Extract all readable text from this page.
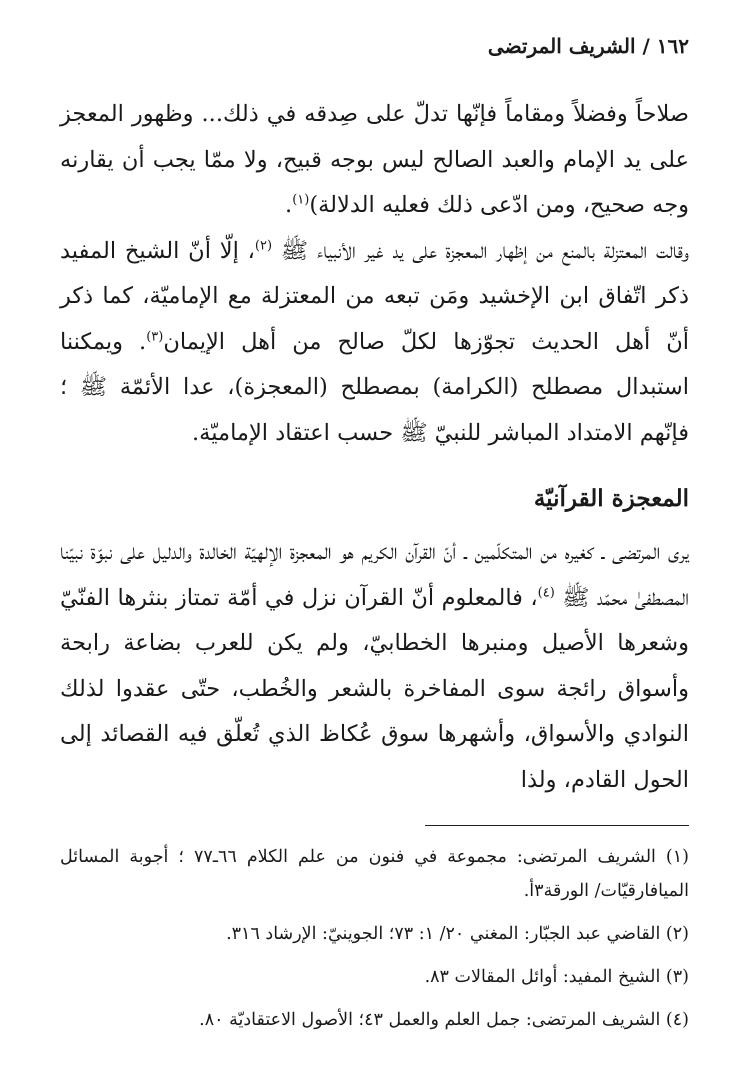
١٦٢ / الشريف المرتضى

صلاحاً وفضلاً ومقاماً فإنّها تدلّ على صِدقه في ذلك... وظهور المعجز على يد الإمام والعبد الصالح ليس بوجه قبيح، ولا ممّا يجب أن يقارنه وجه صحيح، ومن ادّعى ذلك فعليه الدلالة)$^{(١)}$.

وقالت المعتزلة بالمنع من إظهار المعجزة على يد غير الأنبياء ﷺ $^{(٢)}$، إلّا أنّ الشيخ المفيد ذكر اتّفاق ابن الإخشيد ومَن تبعه من المعتزلة مع الإماميّة، كما ذكر أنّ أهل الحديث تجوّزها لكلّ صالح من أهل الإيمان$^{(٣)}$. ويمكننا استبدال مصطلح (الكرامة) بمصطلح (المعجزة)، عدا الأئمّة ﷺ ؛ فإنّهم الامتداد المباشر للنبيّ ﷺ حسب اعتقاد الإماميّة.

المعجزة القرآنيّة

يرى المرتضى ـ كغيره من المتكلّمين ـ أنّ القرآن الكريم هو المعجزة الإلهيّة الخالدة والدليل على نبوّة نبيّنا المصطفىٰ محمّد ﷺ $^{(٤)}$، فالمعلوم أنّ القرآن نزل في أمّة تمتاز بنثرها الفنّيّ وشعرها الأصيل ومنبرها الخطابيّ، ولم يكن للعرب بضاعة رابحة وأسواق رائجة سوى المفاخرة بالشعر والخُطب، حتّى عقدوا لذلك النوادي والأسواق، وأشهرها سوق عُكاظ الذي تُعلّق فيه القصائد إلى الحول القادم، ولذا

(١) الشريف المرتضى: مجموعة في فنون من علم الكلام ٦٦ـ٧٧ ؛ أجوبة المسائل الميافارقيّات/ الورقة٣أ.

(٢) القاضي عبد الجبّار: المغني ٢٠/ ١: ٧٣؛ الجوينيّ: الإرشاد ٣١٦.

(٣) الشيخ المفيد: أوائل المقالات ٨٣.

(٤) الشريف المرتضى: جمل العلم والعمل ٤٣؛ الأصول الاعتقاديّة ٨٠.
